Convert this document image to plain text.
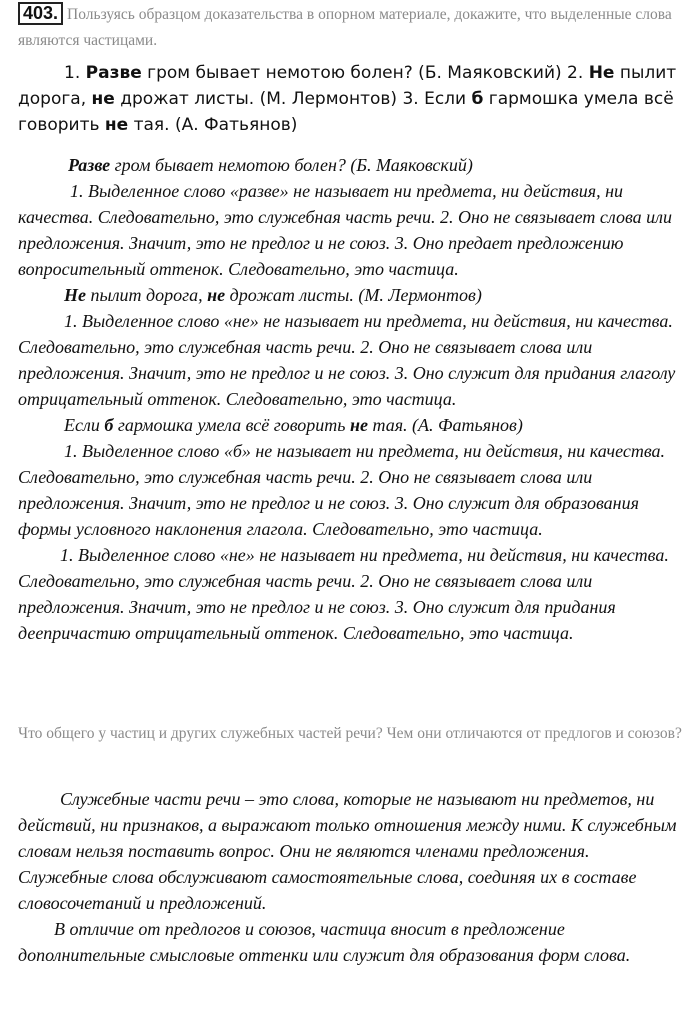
403. Пользуясь образцом доказательства в опорном материале, докажите, что выделенные слова являются частицами.
1. Разве гром бывает немотою болен? (Б. Маяковский) 2. Не пылит дорога, не дрожат листы. (М. Лермонтов) 3. Если б гармошка умела всё говорить не тая. (А. Фатьянов)

Разве гром бывает немотою болен? (Б. Маяковский)

1. Выделенное слово «разве» не называет ни предмета, ни действия, ни качества. Следовательно, это служебная часть речи. 2. Оно не связывает слова или предложения. Значит, это не предлог и не союз. 3. Оно предает предложению вопросительный оттенок. Следовательно, это частица.

Не пылит дорога, не дрожат листы. (М. Лермонтов)

1. Выделенное слово «не» не называет ни предмета, ни действия, ни качества. Следовательно, это служебная часть речи. 2. Оно не связывает слова или предложения. Значит, это не предлог и не союз. 3. Оно служит для придания глаголу отрицательный оттенок. Следовательно, это частица.

Если б гармошка умела всё говорить не тая. (А. Фатьянов)

1. Выделенное слово «б» не называет ни предмета, ни действия, ни качества. Следовательно, это служебная часть речи. 2. Оно не связывает слова или предложения. Значит, это не предлог и не союз. 3. Оно служит для образования формы условного наклонения глагола. Следовательно, это частица.

1. Выделенное слово «не» не называет ни предмета, ни действия, ни качества. Следовательно, это служебная часть речи. 2. Оно не связывает слова или предложения. Значит, это не предлог и не союз. 3. Оно служит для придания деепричастию отрицательный оттенок. Следовательно, это частица.

Что общего у частиц и других служебных частей речи? Чем они отличаются от предлогов и союзов?

Служебные части речи – это слова, которые не называют ни предметов, ни действий, ни признаков, а выражают только отношения между ними. К служебным словам нельзя поставить вопрос. Они не являются членами предложения. Служебные слова обслуживают самостоятельные слова, соединяя их в составе словосочетаний и предложений.

В отличие от предлогов и союзов, частица вносит в предложение дополнительные смысловые оттенки или служит для образования форм слова.
